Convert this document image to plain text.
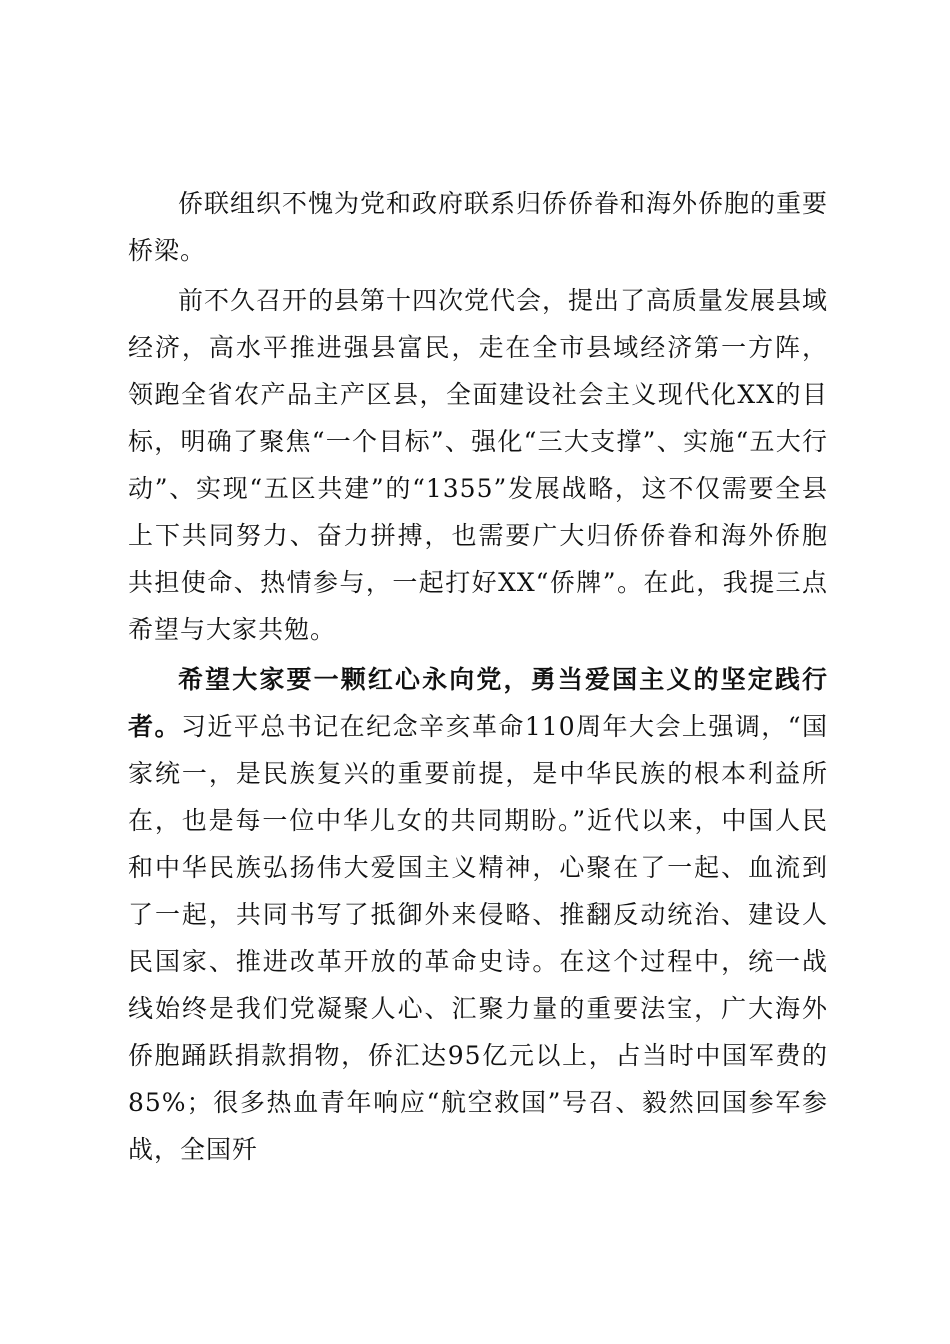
侨联组织不愧为党和政府联系归侨侨眷和海外侨胞的重要桥梁。

前不久召开的县第十四次党代会，提出了高质量发展县域经济，高水平推进强县富民，走在全市县域经济第一方阵，领跑全省农产品主产区县，全面建设社会主义现代化XX的目标，明确了聚焦“一个目标”、强化“三大支撑”、实施“五大行动”、实现“五区共建”的“1355”发展战略，这不仅需要全县上下共同努力、奋力拼搏，也需要广大归侨侨眷和海外侨胞共担使命、热情参与，一起打好XX“侨牌”。在此，我提三点希望与大家共勉。

希望大家要一颗红心永向党，勇当爱国主义的坚定践行者。习近平总书记在纪念辛亥革命110周年大会上强调，“国家统一，是民族复兴的重要前提，是中华民族的根本利益所在，也是每一位中华儿女的共同期盼。”近代以来，中国人民和中华民族弘扬伟大爱国主义精神，心聚在了一起、血流到了一起，共同书写了抵御外来侵略、推翻反动统治、建设人民国家、推进改革开放的革命史诗。在这个过程中，统一战线始终是我们党凝聚人心、汇聚力量的重要法宝，广大海外侨胞踊跃捐款捐物，侨汇达95亿元以上，占当时中国军费的85%；很多热血青年响应“航空救国”号召、毅然回国参军参战，全国歼
